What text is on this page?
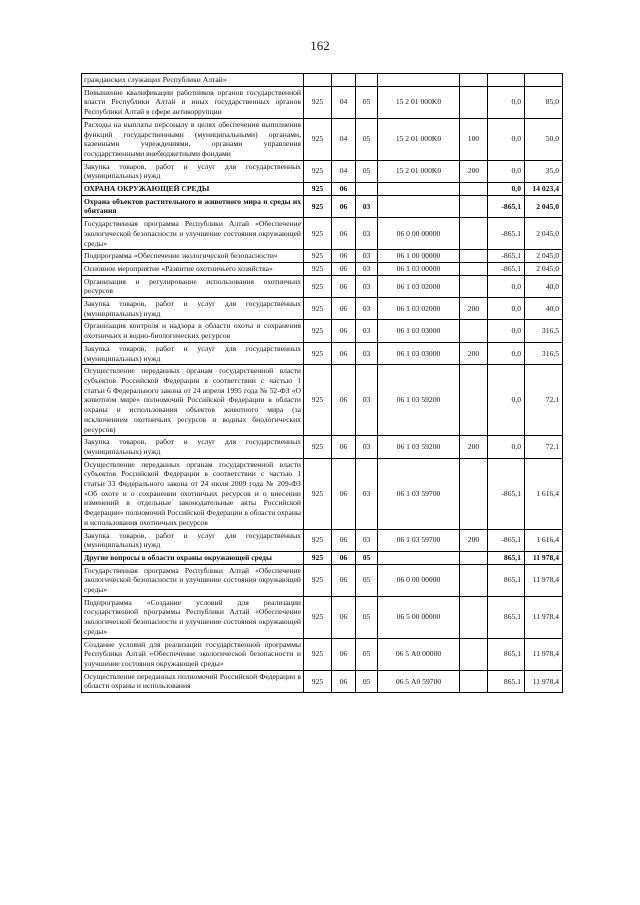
162
гражданских служащих Республики Алтай»							
Повышение квалификации работников органов государственной власти Республики Алтай и иных государственных органов Республики Алтай в сфере антикоррупции	925	04	05	15 2 01 000K0		0,0	85,0
Расходы на выплаты персоналу в целях обеспечения выполнения функций государственными (муниципальными) органами, казенными учреждениями, органами управления государственными внебюджетными фондами	925	04	05	15 2 01 000K0	100	0,0	50,0
Закупка товаров, работ и услуг для государственных (муниципальных) нужд	925	04	05	15 2 01 000K0	200	0,0	35,0
ОХРАНА ОКРУЖАЮЩЕЙ СРЕДЫ	925	06				0,0	14 023,4
Охрана объектов растительного и животного мира и среды их обитания	925	06	03			-865,1	2 045,0
Государственная программа Республики Алтай «Обеспечение экологической безопасности и улучшение состояния окружающей среды»	925	06	03	06 0 00 00000		-865,1	2 045,0
Подпрограмма «Обеспечение экологической безопасности»	925	06	03	06 1 00 00000		-865,1	2 045,0
Основное мероприятие «Развитие охотничьего хозяйства»	925	06	03	06 1 03 00000		-865,1	2 045,0
Организация и регулирование использования охотничьих ресурсов	925	06	03	06 1 03 02000		0,0	40,0
Закупка товаров, работ и услуг для государственных (муниципальных) нужд	925	06	03	06 1 03 02000	200	0,0	40,0
Организация контроля и надзора в области охоты и сохранения охотничьих и водно-биологических ресурсов	925	06	03	06 1 03 03000		0,0	316,5
Закупка товаров, работ и услуг для государственных (муниципальных) нужд	925	06	03	06 1 03 03000	200	0,0	316,5
Осуществление переданных органам государственной власти субъектов Российской Федерации в соответствии с частью 1 статьи 6 Федерального закона от 24 апреля 1995 года № 52-ФЗ «О животном мире» полномочий Российской Федерации в области охраны и использования объектов животного мира (за исключением охотничьих ресурсов и водных биологических ресурсов)	925	06	03	06 1 03 59200		0,0	72,1
Закупка товаров, работ и услуг для государственных (муниципальных) нужд	925	06	03	06 1 03 59200	200	0,0	72,1
Осуществление переданных органам государственной власти субъектов Российской Федерации в соответствии с частью 1 статьи 33 Федерального закона от 24 июля 2009 года № 209-ФЗ «Об охоте и о сохранении охотничьих ресурсов и о внесении изменений в отдельные законодательные акты Российской Федерации» полномочий Российской Федерации в области охраны и использования охотничьих ресурсов	925	06	03	06 1 03 59700		-865,1	1 616,4
Закупка товаров, работ и услуг для государственных (муниципальных) нужд	925	06	03	06 1 03 59700	200	-865,1	1 616,4
Другие вопросы в области охраны окружающей среды	925	06	05			865,1	11 978,4
Государственная программа Республики Алтай «Обеспечение экологической безопасности и улучшение состояния окружающей среды»	925	06	05	06 0 00 00000		865,1	11 978,4
Подпрограмма «Создание условий для реализации государственной программы Республики Алтай «Обеспечение экологической безопасности и улучшение состояния окружающей среды»	925	06	05	06 5 00 00000		865,1	11 978,4
Создание условий для реализации государственной программы Республики Алтай «Обеспечение экологической безопасности и улучшение состояния окружающей среды»	925	06	05	06 5 А0 00000		865,1	11 978,4
Осуществление переданных полномочий Российской Федерации в области охраны и использования	925	06	05	06 5 А0 59700		865,1	11 978,4
